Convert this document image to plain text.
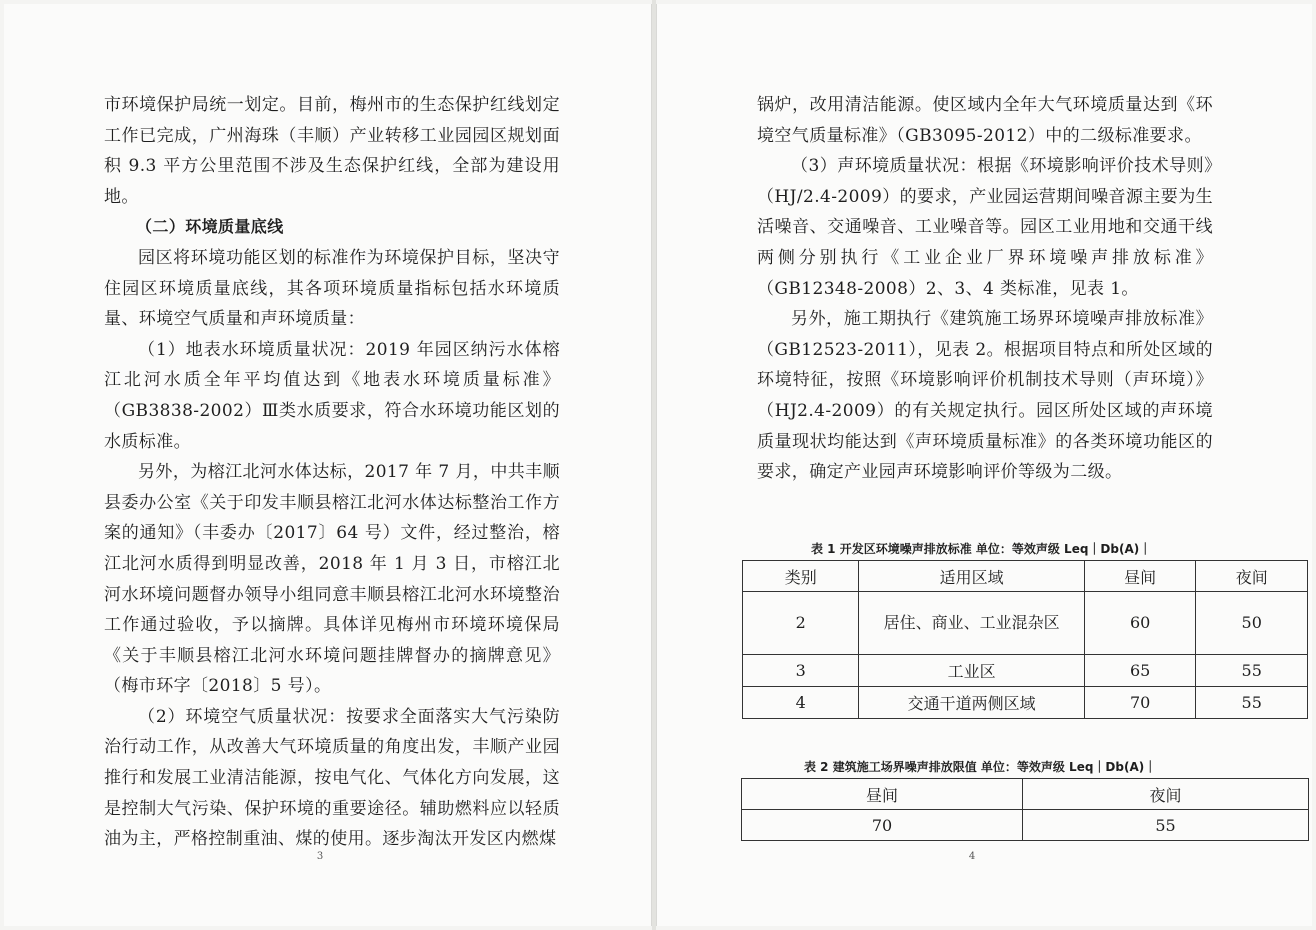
市环境保护局统一划定。目前，梅州市的生态保护红线划定工作已完成，广州海珠（丰顺）产业转移工业园园区规划面积 9.3 平方公里范围不涉及生态保护红线，全部为建设用地。

（二）环境质量底线

园区将环境功能区划的标准作为环境保护目标，坚决守住园区环境质量底线，其各项环境质量指标包括水环境质量、环境空气质量和声环境质量：

（1）地表水环境质量状况：2019 年园区纳污水体榕江北河水质全年平均值达到《地表水环境质量标准》（GB3838-2002）Ⅲ类水质要求，符合水环境功能区划的水质标准。

另外，为榕江北河水体达标，2017 年 7 月，中共丰顺县委办公室《关于印发丰顺县榕江北河水体达标整治工作方案的通知》（丰委办〔2017〕64 号）文件，经过整治，榕江北河水质得到明显改善，2018 年 1 月 3 日，市榕江北河水环境问题督办领导小组同意丰顺县榕江北河水环境整治工作通过验收，予以摘牌。具体详见梅州市环境环境保局《关于丰顺县榕江北河水环境问题挂牌督办的摘牌意见》（梅市环字〔2018〕5 号）。

（2）环境空气质量状况：按要求全面落实大气污染防治行动工作，从改善大气环境质量的角度出发，丰顺产业园推行和发展工业清洁能源，按电气化、气体化方向发展，这是控制大气污染、保护环境的重要途径。辅助燃料应以轻质油为主，严格控制重油、煤的使用。逐步淘汰开发区内燃煤

3

锅炉，改用清洁能源。使区域内全年大气环境质量达到《环境空气质量标准》（GB3095-2012）中的二级标准要求。

（3）声环境质量状况：根据《环境影响评价技术导则》（HJ/2.4-2009）的要求，产业园运营期间噪音源主要为生活噪音、交通噪音、工业噪音等。园区工业用地和交通干线两侧分别执行《工业企业厂界环境噪声排放标准》（GB12348-2008）2、3、4 类标准，见表 1。

另外，施工期执行《建筑施工场界环境噪声排放标准》（GB12523-2011），见表 2。根据项目特点和所处区域的环境特征，按照《环境影响评价机制技术导则（声环境）》（HJ2.4-2009）的有关规定执行。园区所处区域的声环境质量现状均能达到《声环境质量标准》的各类环境功能区的要求，确定产业园声环境影响评价等级为二级。

表 1 开发区环境噪声排放标准 单位：等效声级 Leq｜Db(A)｜
类别	适用区域	昼间	夜间
2	居住、商业、工业混杂区	60	50
3	工业区	65	55
4	交通干道两侧区域	70	55
表 2 建筑施工场界噪声排放限值 单位：等效声级 Leq｜Db(A)｜
昼间	夜间
70	55
4
